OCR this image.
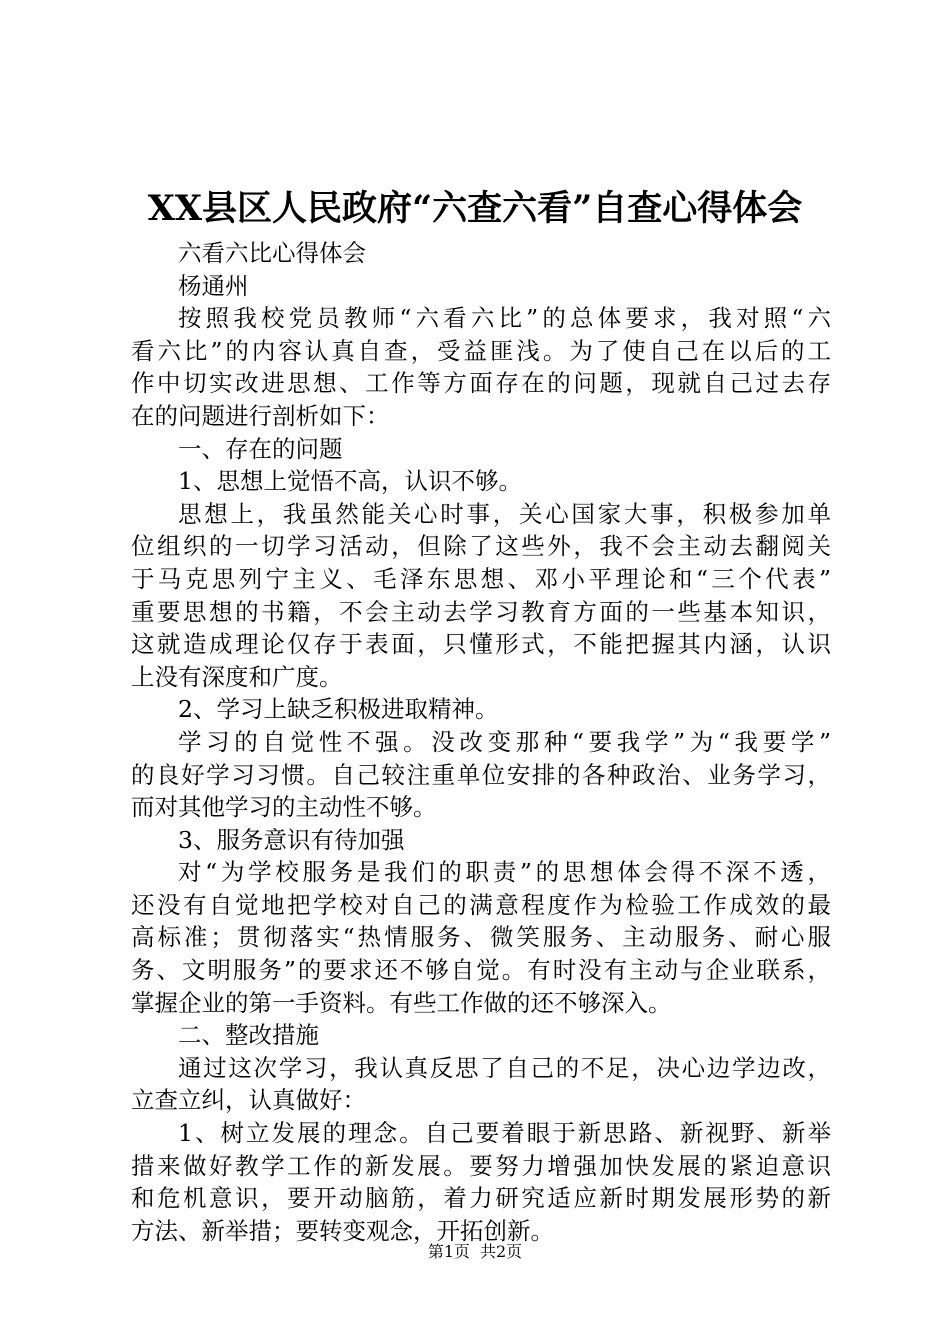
XX县区人民政府“六查六看”自查心得体会
六看六比心得体会
杨通州
按照我校党员教师“六看六比”的总体要求，我对照“六
看六比”的内容认真自查，受益匪浅。为了使自己在以后的工
作中切实改进思想、工作等方面存在的问题，现就自己过去存
在的问题进行剖析如下：
一、存在的问题
1、思想上觉悟不高，认识不够。
思想上，我虽然能关心时事，关心国家大事，积极参加单
位组织的一切学习活动，但除了这些外，我不会主动去翻阅关
于马克思列宁主义、毛泽东思想、邓小平理论和“三个代表”
重要思想的书籍，不会主动去学习教育方面的一些基本知识，
这就造成理论仅存于表面，只懂形式，不能把握其内涵，认识
上没有深度和广度。
2、学习上缺乏积极进取精神。
学习的自觉性不强。没改变那种“要我学”为“我要学”
的良好学习习惯。自己较注重单位安排的各种政治、业务学习，
而对其他学习的主动性不够。
3、服务意识有待加强
对“为学校服务是我们的职责”的思想体会得不深不透，
还没有自觉地把学校对自己的满意程度作为检验工作成效的最
高标准；贯彻落实“热情服务、微笑服务、主动服务、耐心服
务、文明服务”的要求还不够自觉。有时没有主动与企业联系，
掌握企业的第一手资料。有些工作做的还不够深入。
二、整改措施
通过这次学习，我认真反思了自己的不足，决心边学边改，
立查立纠，认真做好：
1、树立发展的理念。自己要着眼于新思路、新视野、新举
措来做好教学工作的新发展。要努力增强加快发展的紧迫意识
和危机意识，要开动脑筋，着力研究适应新时期发展形势的新
方法、新举措；要转变观念，开拓创新。
第1页 共2页
